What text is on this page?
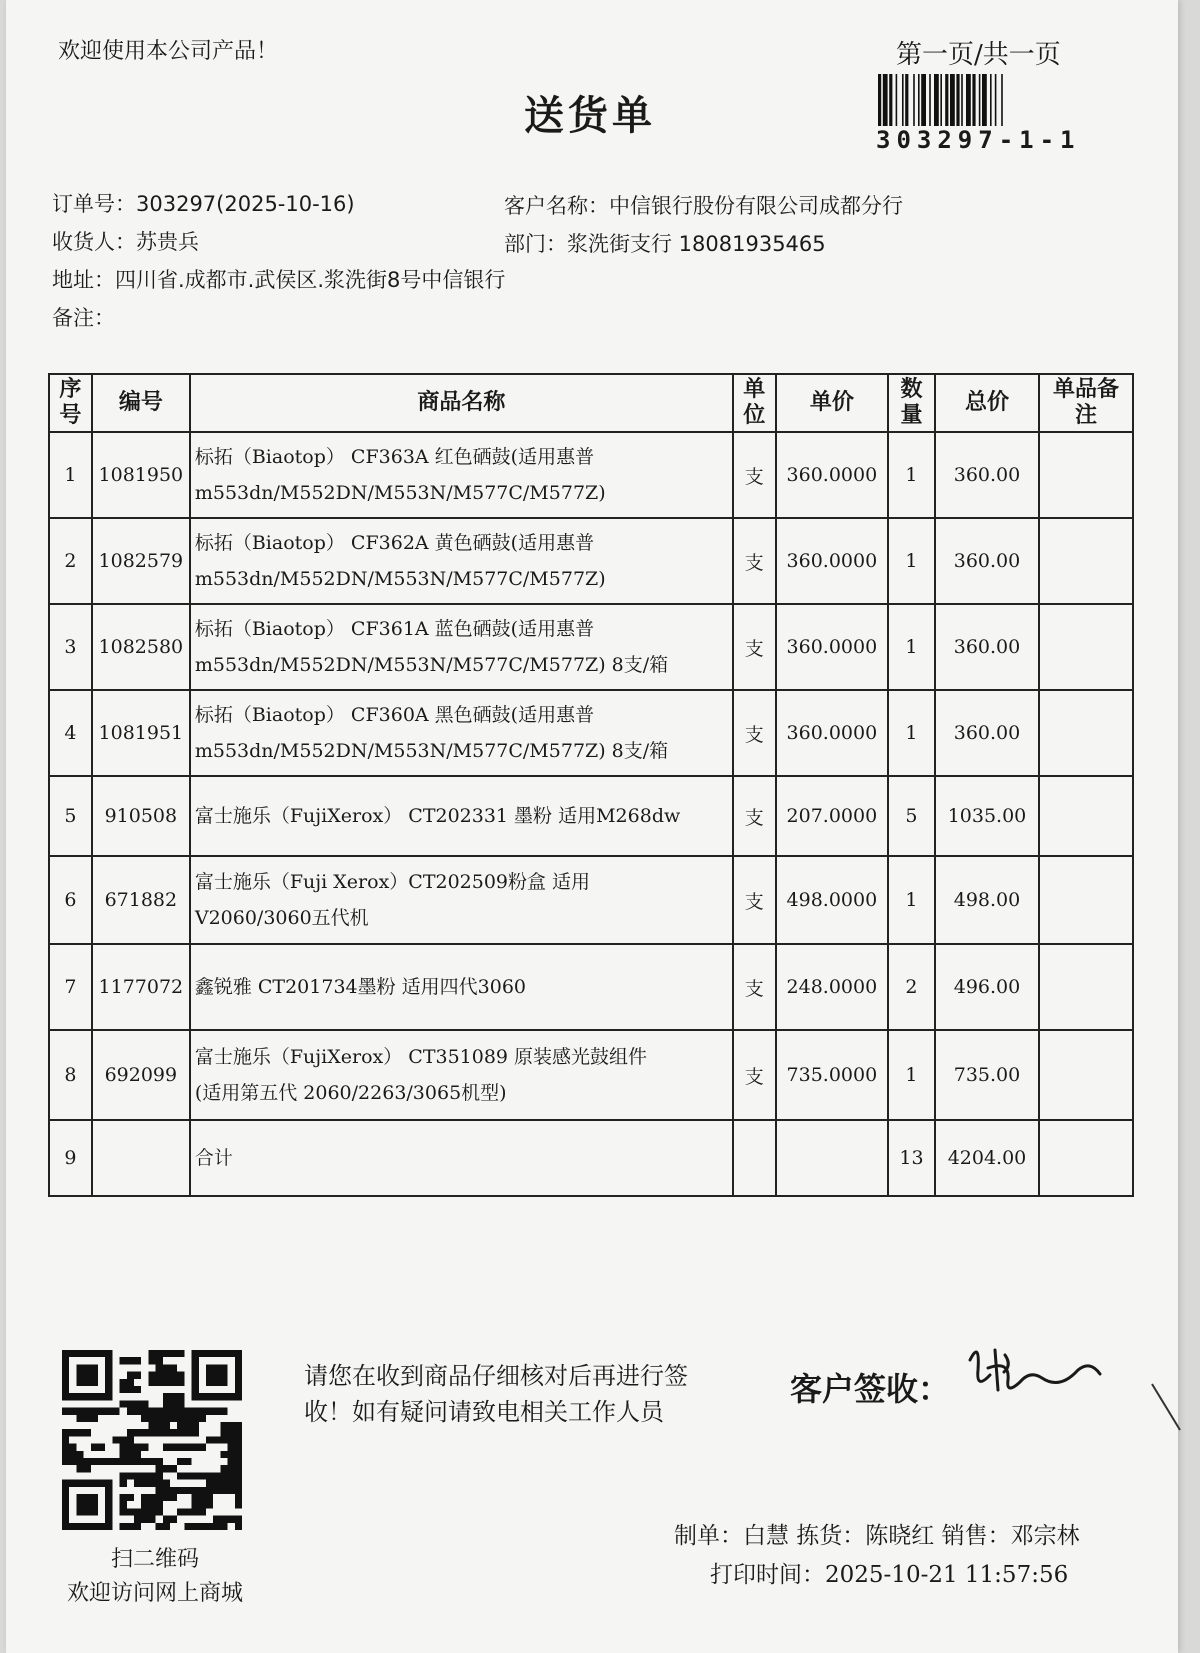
欢迎使用本公司产品！	第一页/共一页
303297-1-1
送货单
订单号：303297(2025-10-16)	客户名称：中信银行股份有限公司成都分行
收货人：苏贵兵	部门：浆洗街支行 18081935465
地址：四川省.成都市.武侯区.浆洗街8号中信银行
备注：
序号	编号	商品名称	单位	单价	数量	总价	单品备注
1	1081950	标拓（Biaotop） CF363A 红色硒鼓(适用惠普
m553dn/M552DN/M553N/M577C/M577Z)	支	360.0000	1	360.00	
2	1082579	标拓（Biaotop） CF362A 黄色硒鼓(适用惠普
m553dn/M552DN/M553N/M577C/M577Z)	支	360.0000	1	360.00	
3	1082580	标拓（Biaotop） CF361A 蓝色硒鼓(适用惠普
m553dn/M552DN/M553N/M577C/M577Z) 8支/箱	支	360.0000	1	360.00	
4	1081951	标拓（Biaotop） CF360A 黑色硒鼓(适用惠普
m553dn/M552DN/M553N/M577C/M577Z) 8支/箱	支	360.0000	1	360.00	
5	910508	富士施乐（FujiXerox） CT202331 墨粉 适用M268dw	支	207.0000	5	1035.00	
6	671882	富士施乐（Fuji Xerox）CT202509粉盒 适用
V2060/3060五代机	支	498.0000	1	498.00	
7	1177072	鑫锐雅 CT201734墨粉 适用四代3060	支	248.0000	2	496.00	
8	692099	富士施乐（FujiXerox） CT351089 原装感光鼓组件
(适用第五代 2060/2263/3065机型)	支	735.0000	1	735.00	
9		合计			13	4204.00	
扫二维码
欢迎访问网上商城
请您在收到商品仔细核对后再进行签收！如有疑问请致电相关工作人员
客户签收：
制单：白慧 拣货：陈晓红 销售：邓宗林
打印时间：2025-10-21 11:57:56
